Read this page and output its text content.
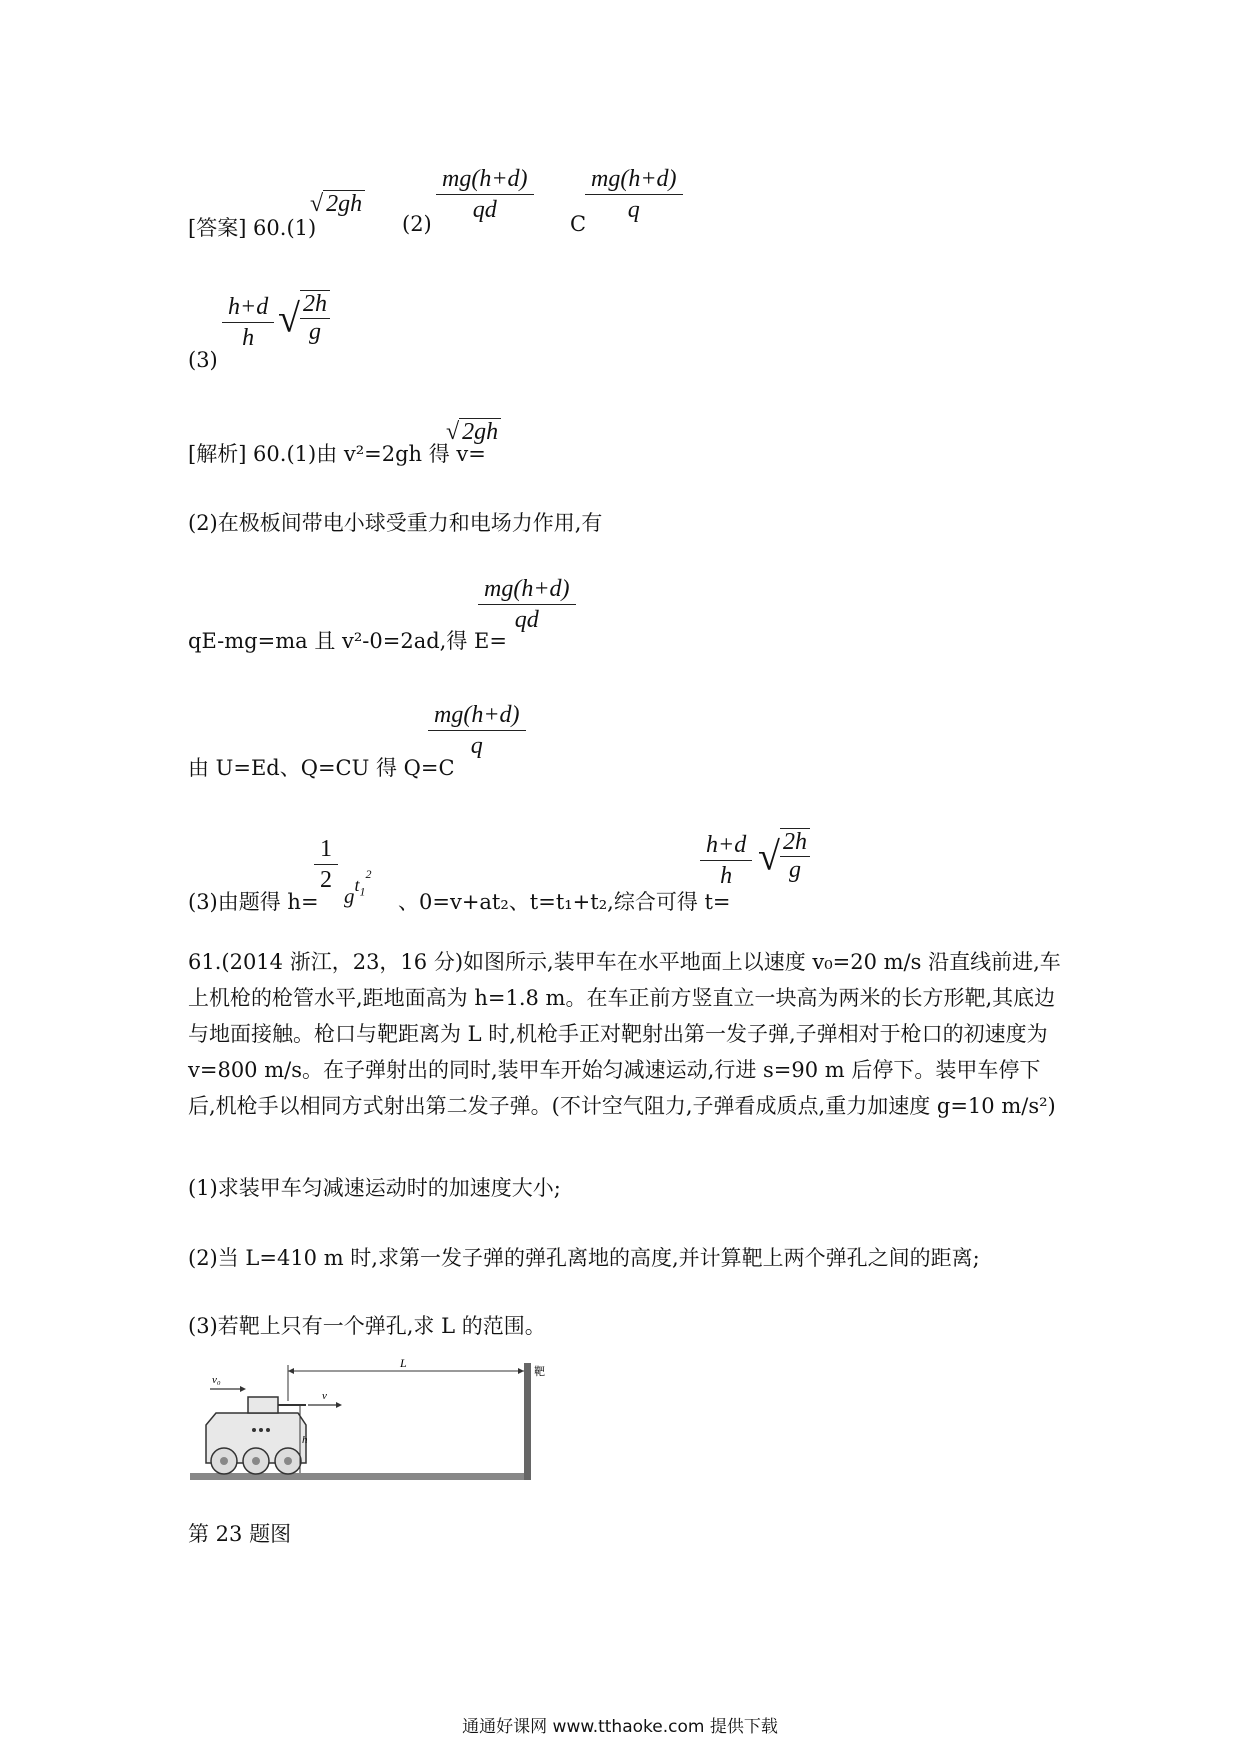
[答案] 60.(1)
√ 2gh
$(2) \frac{mg(h+d)}{qd}$ C
$\frac{mg(h+d)}{q}$
(3)
$\frac{h+d}{h}$ √ $\frac{2h}{g}$
[解析] 60.(1)由 v²=2gh 得 v=
√ 2gh
(2)在极板间带电小球受重力和电场力作用,有
qE-mg=ma 且 v²-0=2ad,得 E=
$\frac{mg(h+d)}{qd}$
由 U=Ed、Q=CU 得 Q=C
$\frac{mg(h+d)}{q}$
(3)由题得 h=
$\frac{1}{2}$
$gt_1^2$
、0=v+at₂、t=t₁+t₂,综合可得 t=
$\frac{h+d}{h}$ √ $\frac{2h}{g}$
61.(2014 浙江，23，16 分)如图所示,装甲车在水平地面上以速度 v₀=20 m/s 沿直线前进,车上机枪的枪管水平,距地面高为 h=1.8 m。在车正前方竖直立一块高为两米的长方形靶,其底边与地面接触。枪口与靶距离为 L 时,机枪手正对靶射出第一发子弹,子弹相对于枪口的初速度为 v=800 m/s。在子弹射出的同时,装甲车开始匀减速运动,行进 s=90 m 后停下。装甲车停下后,机枪手以相同方式射出第二发子弹。(不计空气阻力,子弹看成质点,重力加速度 g=10 m/s²)
(1)求装甲车匀减速运动时的加速度大小;
(2)当 L=410 m 时,求第一发子弹的弹孔离地的高度,并计算靶上两个弹孔之间的距离;
(3)若靶上只有一个弹孔,求 L 的范围。
v₀
v
h
L
靶
第 23 题图
通通好课网 www.tthaoke.com 提供下载
